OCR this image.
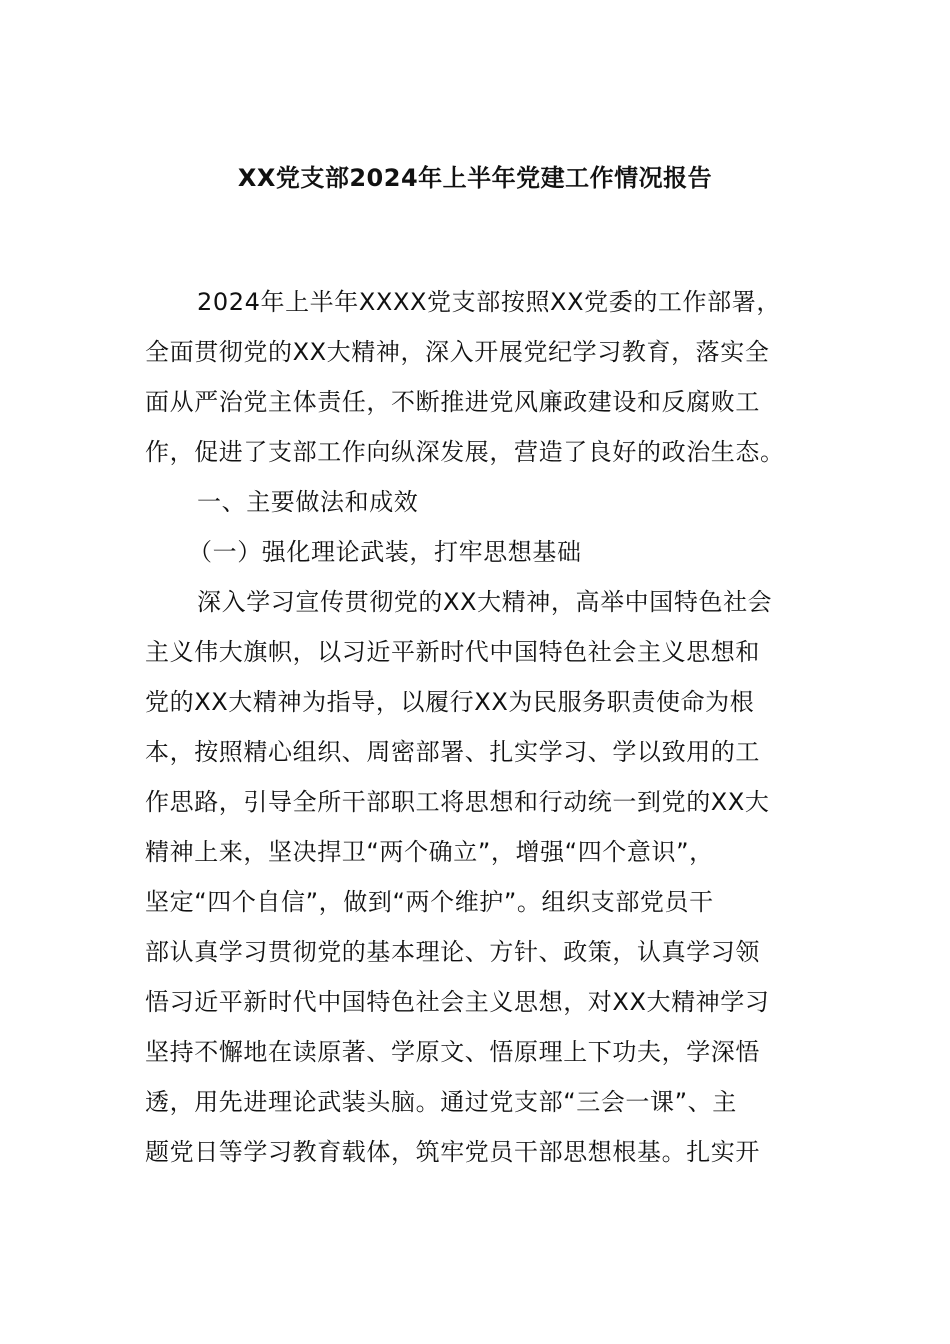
XX党支部2024年上半年党建工作情况报告

2024年上半年XXXX党支部按照XX党委的工作部署，

全面贯彻党的XX大精神，深入开展党纪学习教育，落实全

面从严治党主体责任，不断推进党风廉政建设和反腐败工

作，促进了支部工作向纵深发展，营造了良好的政治生态。

一、主要做法和成效

（一）强化理论武装，打牢思想基础

深入学习宣传贯彻党的XX大精神，高举中国特色社会

主义伟大旗帜，以习近平新时代中国特色社会主义思想和

党的XX大精神为指导，以履行XX为民服务职责使命为根

本，按照精心组织、周密部署、扎实学习、学以致用的工

作思路，引导全所干部职工将思想和行动统一到党的XX大

精神上来，坚决捍卫“两个确立”，增强“四个意识”，

坚定“四个自信”，做到“两个维护”。组织支部党员干

部认真学习贯彻党的基本理论、方针、政策，认真学习领

悟习近平新时代中国特色社会主义思想，对XX大精神学习

坚持不懈地在读原著、学原文、悟原理上下功夫，学深悟

透，用先进理论武装头脑。通过党支部“三会一课”、主

题党日等学习教育载体，筑牢党员干部思想根基。扎实开
